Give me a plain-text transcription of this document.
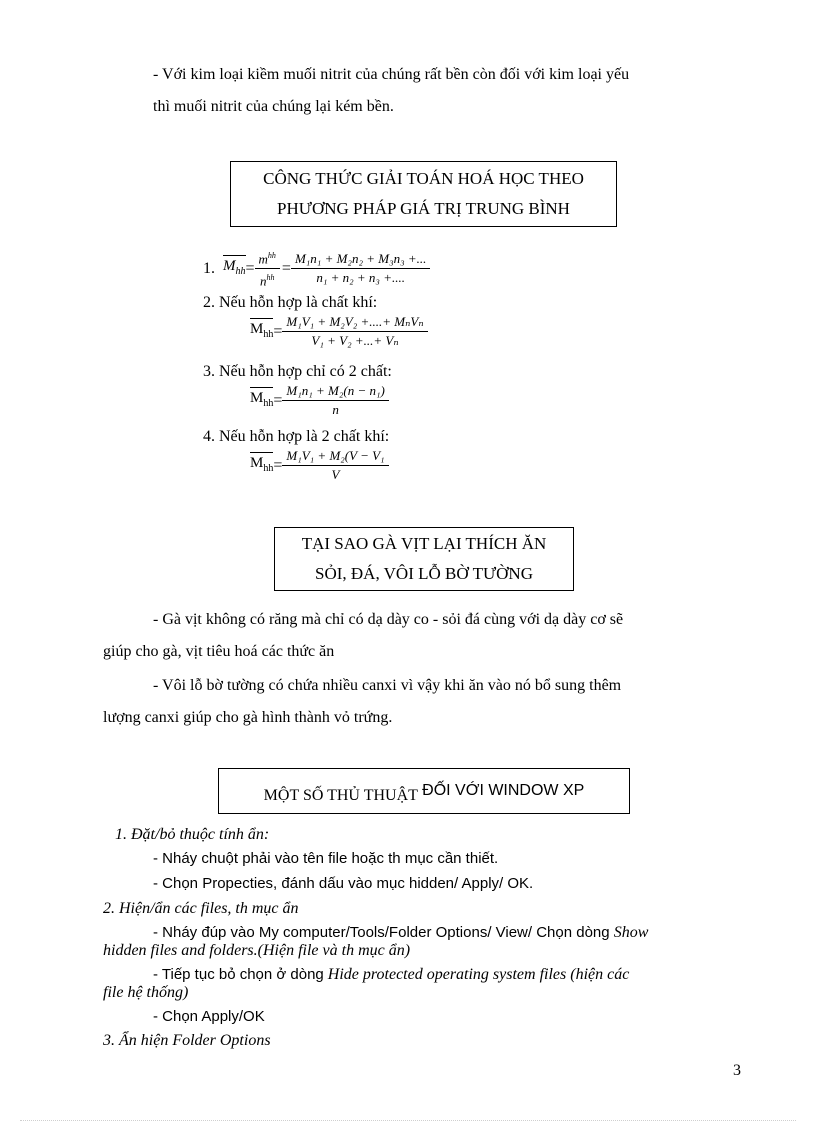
- Với kim loại kiềm muối nitrit của chúng rất bền còn đối với kim loại yếu
thì muối nitrit của chúng lại kém bền.
CÔNG THỨC GIẢI TOÁN HOÁ HỌC THEO
PHƯƠNG PHÁP GIÁ TRỊ TRUNG BÌNH
1. $M_{hh} = \frac{m^{hh}}{n^{hh}} = \frac{\text{M₁n₁ + M₂n₂ + M₃n₃ +...}}{\text{n₁ + n₂ + n₃ +....}}$
2. Nếu hỗn hợp là chất khí:
$M_{hh} = \frac{\text{M₁V₁ + M₂V₂ +....+ MₙVₙ}}{\text{V₁ + V₂ +...+ Vₙ}}$
3. Nếu hỗn hợp chỉ có 2 chất:
$M_{hh} = \frac{\text{M₁n₁ + M₂(n − n₁)}}{n}$
4. Nếu hỗn hợp là 2 chất khí:
$M_{hh} = \frac{\text{M₁V₁ + M₂(V − V₁}}{V}$
TẠI SAO GÀ VỊT LẠI THÍCH ĂN
SỎI, ĐÁ, VÔI LỖ BỜ TƯỜNG
- Gà vịt không có răng mà chỉ có dạ dày co - sỏi đá cùng với dạ dày cơ sẽ
giúp cho gà, vịt tiêu hoá các thức ăn
- Vôi lỗ bờ tường có chứa nhiều canxi vì vậy khi ăn vào nó bổ sung thêm
lượng canxi giúp cho gà hình thành vỏ trứng.
MỘT SỐ THỦ THUẬT ĐỐI VỚI WINDOW XP
1. Đặt/bỏ thuộc tính ẩn:
- Nháy chuột phải vào tên file hoặc th mục cần thiết.
- Chọn Propecties, đánh dấu vào mục hidden/ Apply/ OK.
2. Hiện/ẩn các files, th mục ẩn
- Nháy đúp vào My computer/Tools/Folder Options/ View/ Chọn dòng Show
hidden files and folders.(Hiện file và th mục ẩn)
- Tiếp tục bỏ chọn ở dòng Hide protected operating system files (hiện các
file hệ thống)
- Chọn Apply/OK
3. Ẩn hiện Folder Options
3
